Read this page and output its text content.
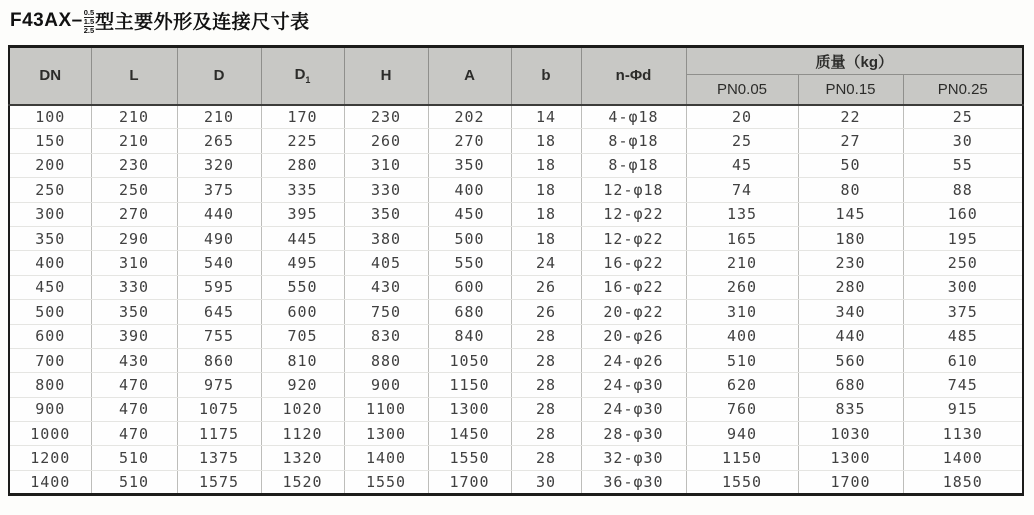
F43AX– 0.5
1.5
2.5 型主要外形及连接尺寸表
DN	L	D	$D_1$	H	A	b	n-Φd	质量（kg）		
								PN0.05	PN0.15	PN0.25
100	210	210	170	230	202	14	4-φ18	20	22	25
150	210	265	225	260	270	18	8-φ18	25	27	30
200	230	320	280	310	350	18	8-φ18	45	50	55
250	250	375	335	330	400	18	12-φ18	74	80	88
300	270	440	395	350	450	18	12-φ22	135	145	160
350	290	490	445	380	500	18	12-φ22	165	180	195
400	310	540	495	405	550	24	16-φ22	210	230	250
450	330	595	550	430	600	26	16-φ22	260	280	300
500	350	645	600	750	680	26	20-φ22	310	340	375
600	390	755	705	830	840	28	20-φ26	400	440	485
700	430	860	810	880	1050	28	24-φ26	510	560	610
800	470	975	920	900	1150	28	24-φ30	620	680	745
900	470	1075	1020	1100	1300	28	24-φ30	760	835	915
1000	470	1175	1120	1300	1450	28	28-φ30	940	1030	1130
1200	510	1375	1320	1400	1550	28	32-φ30	1150	1300	1400
1400	510	1575	1520	1550	1700	30	36-φ30	1550	1700	1850
